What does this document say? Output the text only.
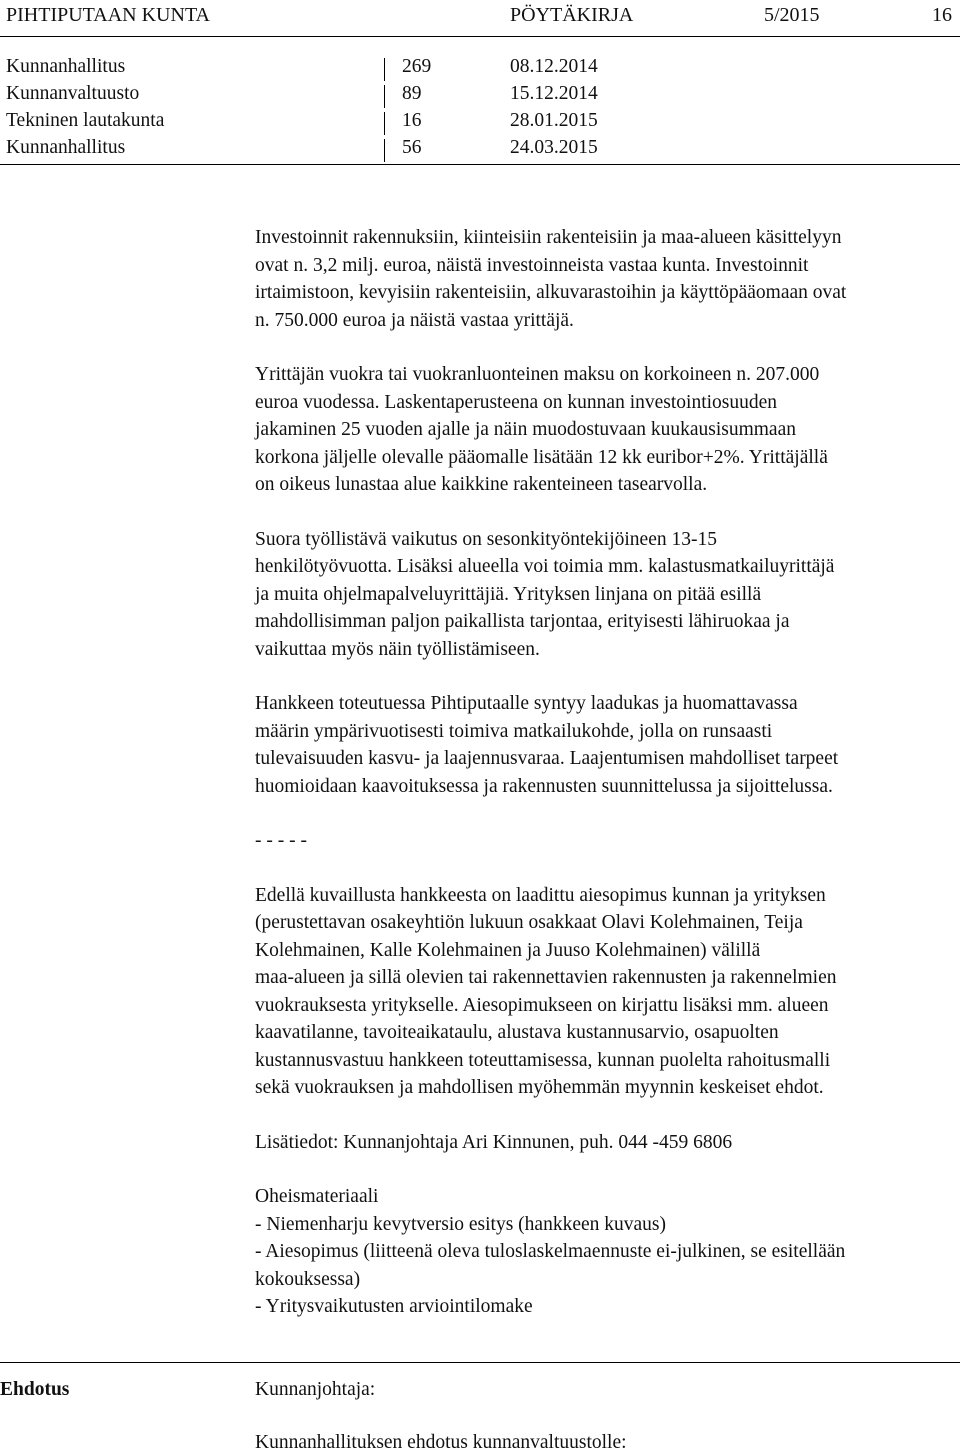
PIHTIPUTAAN KUNTA	PÖYTÄKIRJA	5/2015	16
Kunnanhallitus	269	08.12.2014
Kunnanvaltuusto	89	15.12.2014
Tekninen lautakunta	16	28.01.2015
Kunnanhallitus	56	24.03.2015

Investoinnit rakennuksiin, kiinteisiin rakenteisiin ja maa-alueen käsittelyyn
ovat n. 3,2 milj. euroa, näistä investoinneista vastaa kunta. Investoinnit
irtaimistoon, kevyisiin rakenteisiin, alkuvarastoihin ja käyttöpääomaan ovat
n. 750.000 euroa ja näistä vastaa yrittäjä.

Yrittäjän vuokra tai vuokranluonteinen maksu on korkoineen n. 207.000
euroa vuodessa. Laskentaperusteena on kunnan investointiosuuden
jakaminen 25 vuoden ajalle ja näin muodostuvaan kuukausisummaan
korkona jäljelle olevalle pääomalle lisätään 12 kk euribor+2%. Yrittäjällä
on oikeus lunastaa alue kaikkine rakenteineen tasearvolla.

Suora työllistävä vaikutus on sesonkityöntekijöineen 13-15
henkilötyövuotta. Lisäksi alueella voi toimia mm. kalastusmatkailuyrittäjä
ja muita ohjelmapalveluyrittäjiä. Yrityksen linjana on pitää esillä
mahdollisimman paljon paikallista tarjontaa, erityisesti lähiruokaa ja
vaikuttaa myös näin työllistämiseen.

Hankkeen toteutuessa Pihtiputaalle syntyy laadukas ja huomattavassa
määrin ympärivuotisesti toimiva matkailukohde, jolla on runsaasti
tulevaisuuden kasvu- ja laajennusvaraa. Laajentumisen mahdolliset tarpeet
huomioidaan kaavoituksessa ja rakennusten suunnittelussa ja sijoittelussa.

- - - - -

Edellä kuvaillusta hankkeesta on laadittu aiesopimus kunnan ja yrityksen
(perustettavan osakeyhtiön lukuun osakkaat Olavi Kolehmainen, Teija
Kolehmainen, Kalle Kolehmainen ja Juuso Kolehmainen) välillä
maa-alueen ja sillä olevien tai rakennettavien rakennusten ja rakennelmien
vuokrauksesta yritykselle. Aiesopimukseen on kirjattu lisäksi mm. alueen
kaavatilanne, tavoiteaikataulu, alustava kustannusarvio, osapuolten
kustannusvastuu hankkeen toteuttamisessa, kunnan puolelta rahoitusmalli
sekä vuokrauksen ja mahdollisen myöhemmän myynnin keskeiset ehdot.

Lisätiedot: Kunnanjohtaja Ari Kinnunen, puh. 044 -459 6806

Oheismateriaali
- Niemenharju kevytversio esitys (hankkeen kuvaus)
- Aiesopimus (liitteenä oleva tuloslaskelmaennuste ei-julkinen, se esitellään
kokouksessa)
- Yritysvaikutusten arviointilomake

Ehdotus	Kunnanjohtaja:
Kunnanhallituksen ehdotus kunnanvaltuustolle:
